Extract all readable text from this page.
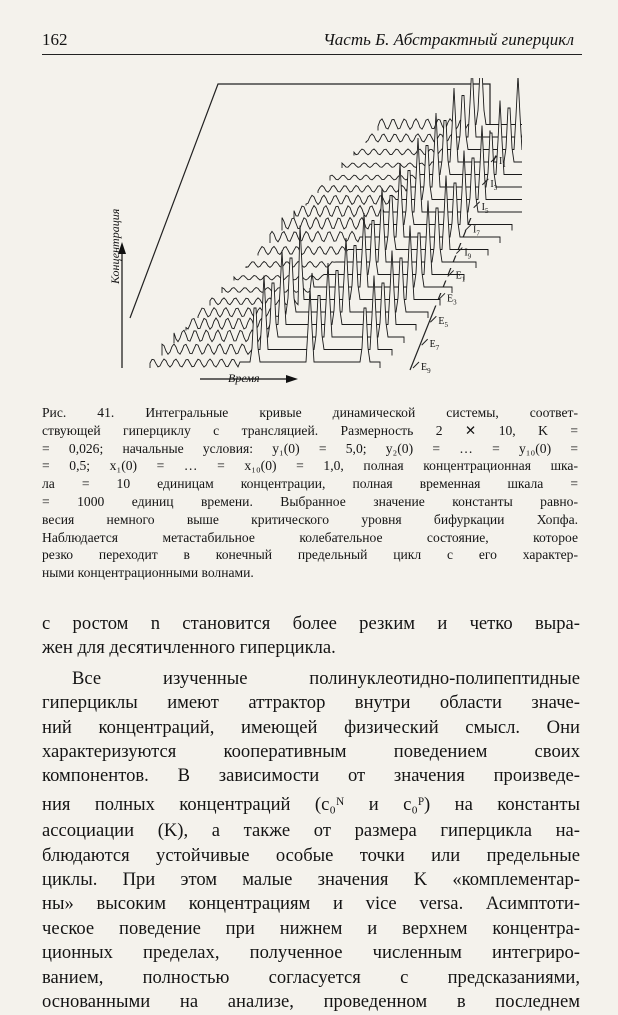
162	Часть Б. Абстрактный гиперцикл
$I_1$
$I_3$
$I_5$
$I_7$
$I_9$
$E_1$
$E_3$
$E_5$
$E_7$
$E_9$
Концентрация
Время
Рис. 41. Интегральные кривые динамической системы, соответ-
ствующей гиперциклу с трансляцией. Размерность 2 ✕ 10, K =
= 0,026; начальные условия: y₁(0) = 5,0; y₂(0) = … = y₁₀(0) =
= 0,5; x₁(0) = … = x₁₀(0) = 1,0, полная концентрационная шка-
ла = 10 единицам концентрации, полная временная шкала =
= 1000 единиц времени. Выбранное значение константы равно-
весия немного выше критического уровня бифуркации Хопфа.
Наблюдается метастабильное колебательное состояние, которое
резко переходит в конечный предельный цикл с его характер-
ными концентрационными волнами.
с ростом n становится более резким и четко выра-
жен для десятичленного гиперцикла.
Все изученные полинуклеотидно-полипептидные
гиперциклы имеют аттрактор внутри области значе-
ний концентраций, имеющей физический смысл. Они
характеризуются кооперативным поведением своих
компонентов. В зависимости от значения произведе-
ния полных концентраций (c₀ᴺ и c₀ᴾ) на константы
ассоциации (K), а также от размера гиперцикла на-
блюдаются устойчивые особые точки или предельные
циклы. При этом малые значения K «комплементар-
ны» высоким концентрациям и vice versa. Асимптоти-
ческое поведение при нижнем и верхнем концентра-
ционных пределах, полученное численным интегриро-
ванием, полностью согласуется с предсказаниями,
основанными на анализе, проведенном в последнем
